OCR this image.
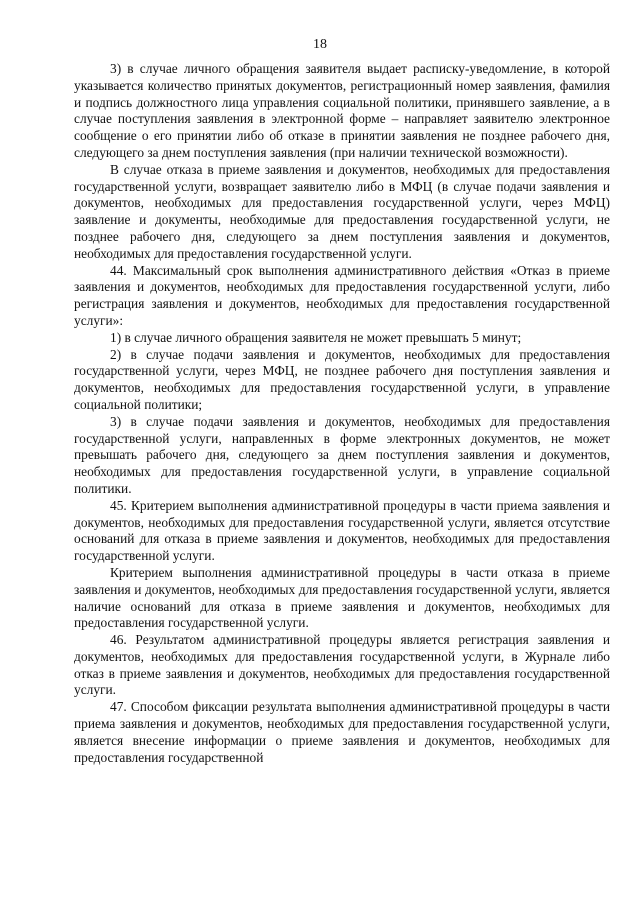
18

3) в случае личного обращения заявителя выдает расписку-уведомление, в которой указывается количество принятых документов, регистрационный номер заявления, фамилия и подпись должностного лица управления социальной политики, принявшего заявление, а в случае поступления заявления в электронной форме – направляет заявителю электронное сообщение о его принятии либо об отказе в принятии заявления не позднее рабочего дня, следующего за днем поступления заявления (при наличии технической возможности).

В случае отказа в приеме заявления и документов, необходимых для предоставления государственной услуги, возвращает заявителю либо в МФЦ (в случае подачи заявления и документов, необходимых для предоставления государственной услуги, через МФЦ) заявление и документы, необходимые для предоставления государственной услуги, не позднее рабочего дня, следующего за днем поступления заявления и документов, необходимых для предоставления государственной услуги.

44. Максимальный срок выполнения административного действия «Отказ в приеме заявления и документов, необходимых для предоставления государственной услуги, либо регистрация заявления и документов, необходимых для предоставления государственной услуги»:

1) в случае личного обращения заявителя не может превышать 5 минут;

2) в случае подачи заявления и документов, необходимых для предоставления государственной услуги, через МФЦ, не позднее рабочего дня поступления заявления и документов, необходимых для предоставления государственной услуги, в управление социальной политики;

3) в случае подачи заявления и документов, необходимых для предоставления государственной услуги, направленных в форме электронных документов, не может превышать рабочего дня, следующего за днем поступления заявления и документов, необходимых для предоставления государственной услуги, в управление социальной политики.

45. Критерием выполнения административной процедуры в части приема заявления и документов, необходимых для предоставления государственной услуги, является отсутствие оснований для отказа в приеме заявления и документов, необходимых для предоставления государственной услуги.

Критерием выполнения административной процедуры в части отказа в приеме заявления и документов, необходимых для предоставления государственной услуги, является наличие оснований для отказа в приеме заявления и документов, необходимых для предоставления государственной услуги.

46. Результатом административной процедуры является регистрация заявления и документов, необходимых для предоставления государственной услуги, в Журнале либо отказ в приеме заявления и документов, необходимых для предоставления государственной услуги.

47. Способом фиксации результата выполнения административной процедуры в части приема заявления и документов, необходимых для предоставления государственной услуги, является внесение информации о приеме заявления и документов, необходимых для предоставления государственной
